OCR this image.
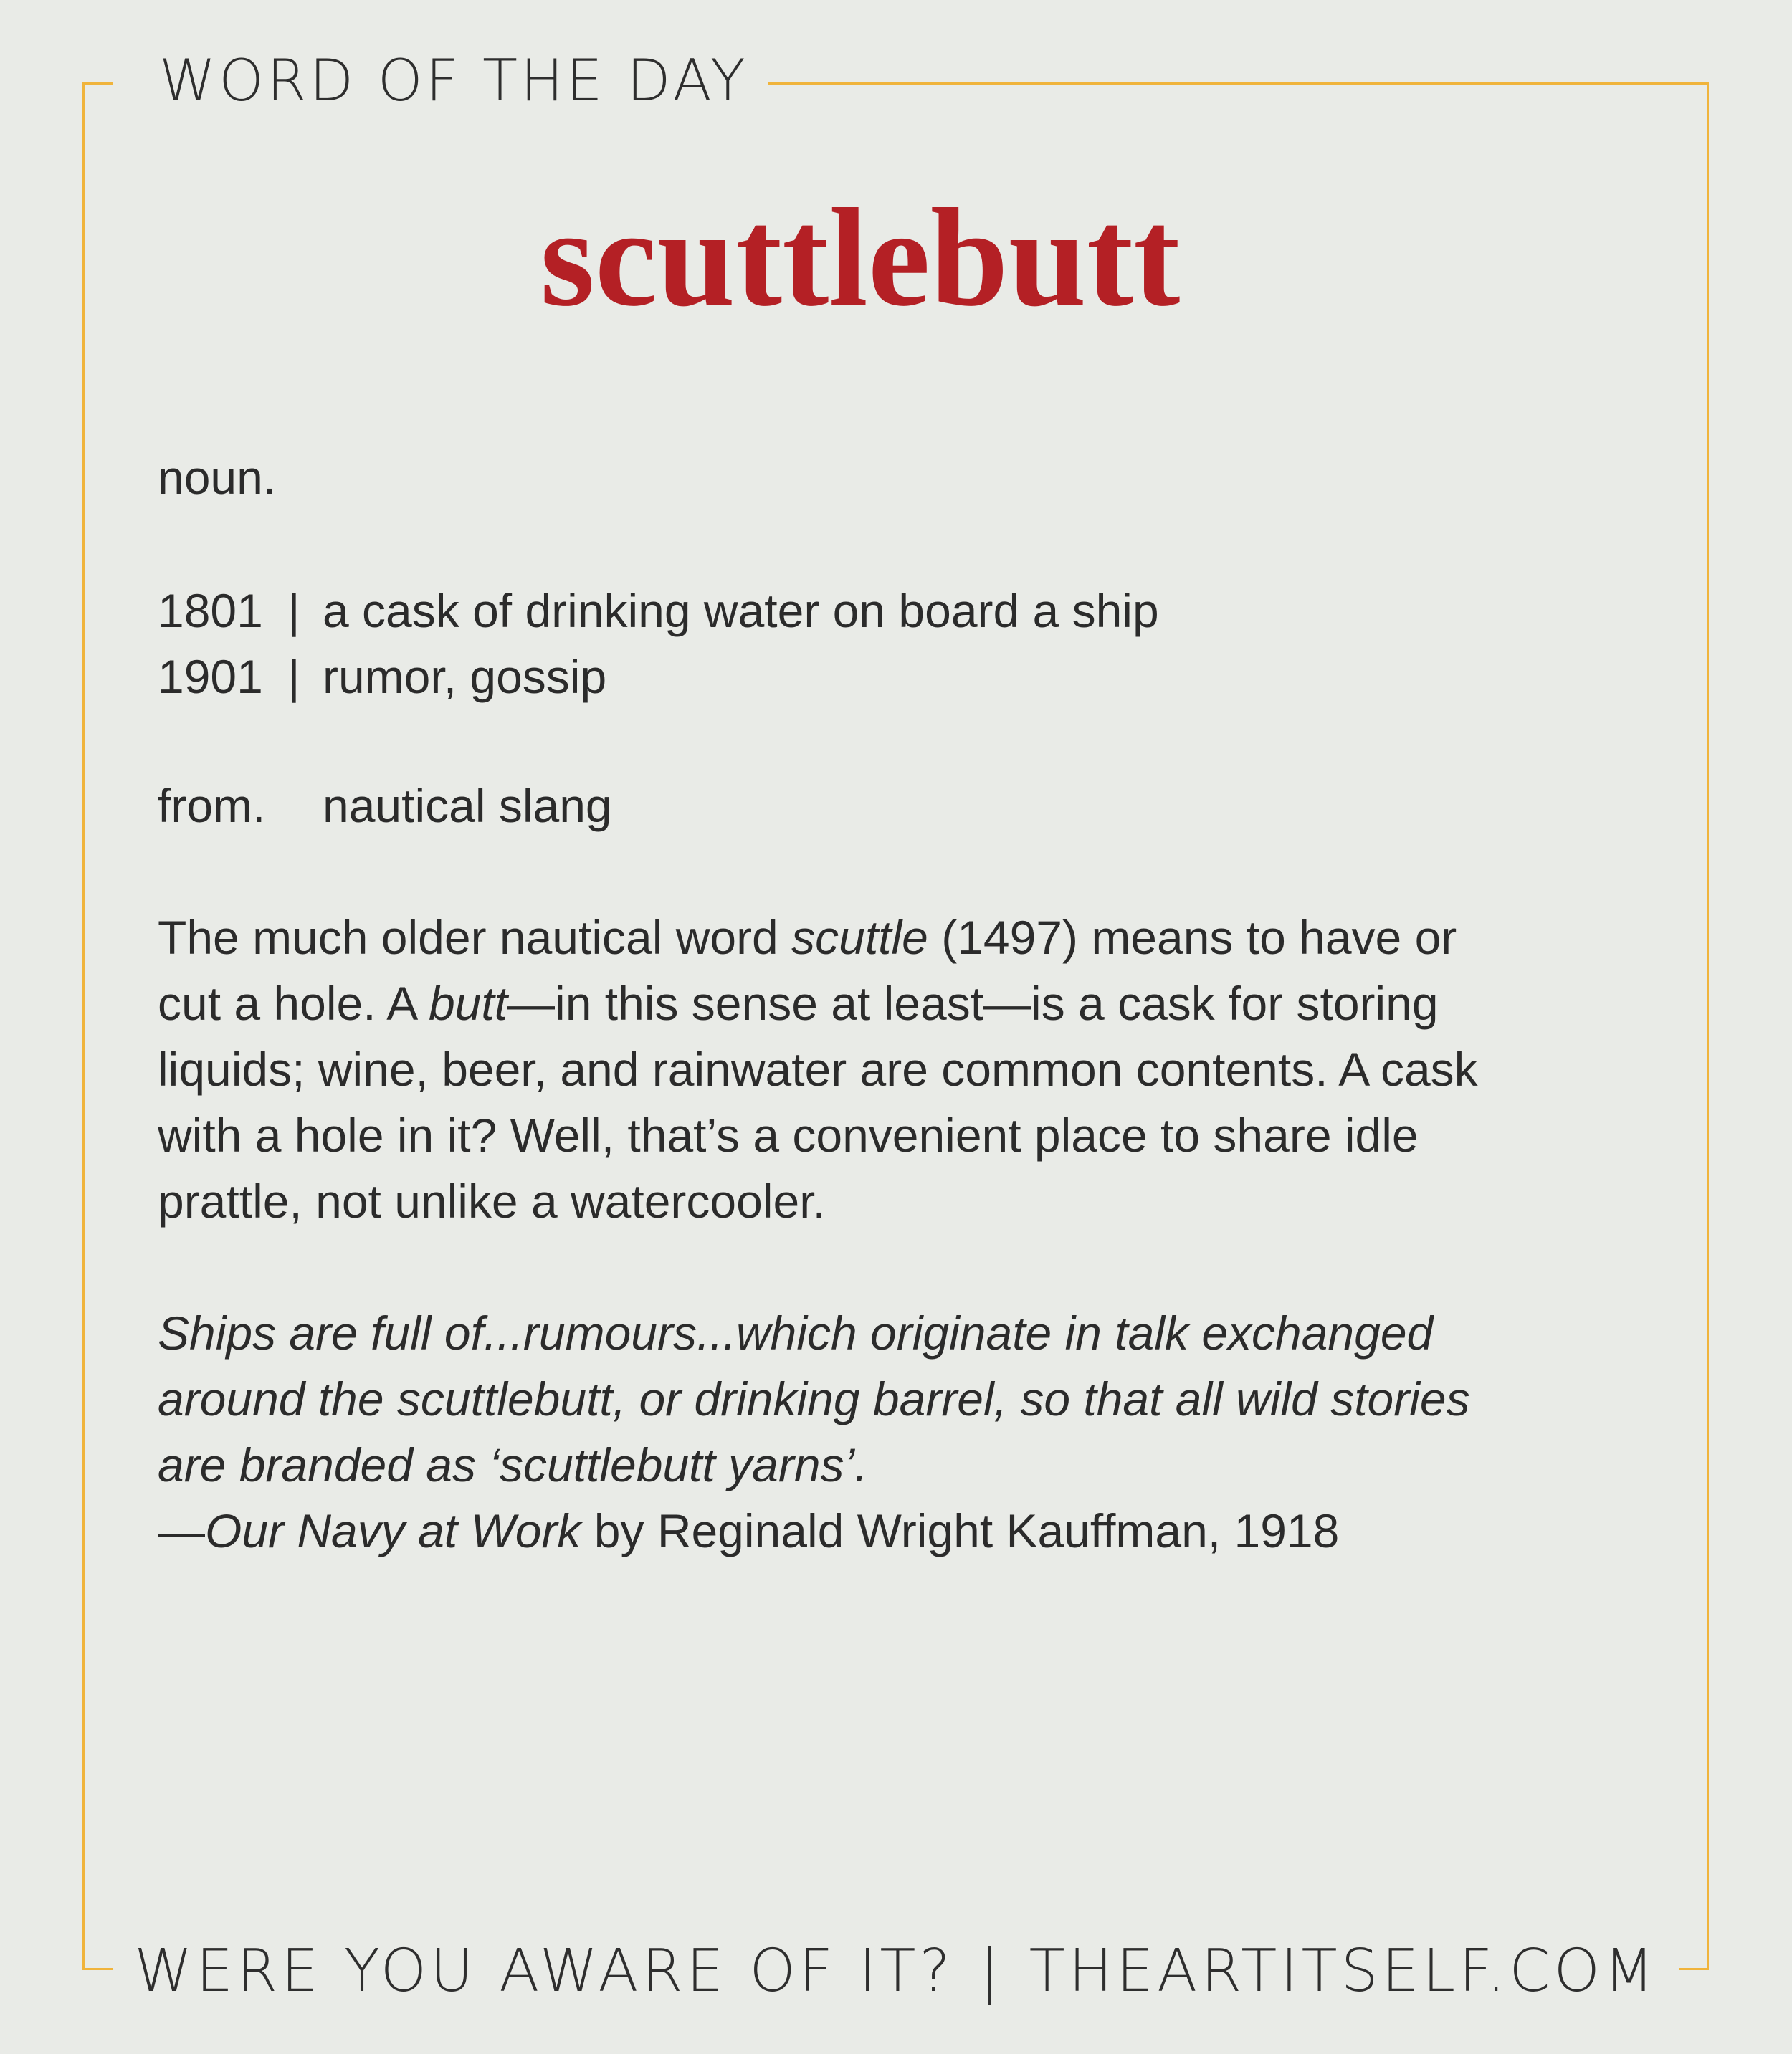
WORD OF THE DAY
scuttlebutt
noun.
1801 | a cask of drinking water on board a ship
1901 | rumor, gossip
from. nautical slang
The much older nautical word scuttle (1497) means to have or
cut a hole. A butt—in this sense at least—is a cask for storing
liquids; wine, beer, and rainwater are common contents. A cask
with a hole in it? Well, that’s a convenient place to share idle
prattle, not unlike a watercooler.
Ships are full of...rumours...which originate in talk exchanged
around the scuttlebutt, or drinking barrel, so that all wild stories
are branded as ‘scuttlebutt yarns’.
—Our Navy at Work by Reginald Wright Kauffman, 1918
WERE YOU AWARE OF IT? | THEARTITSELF.COM
